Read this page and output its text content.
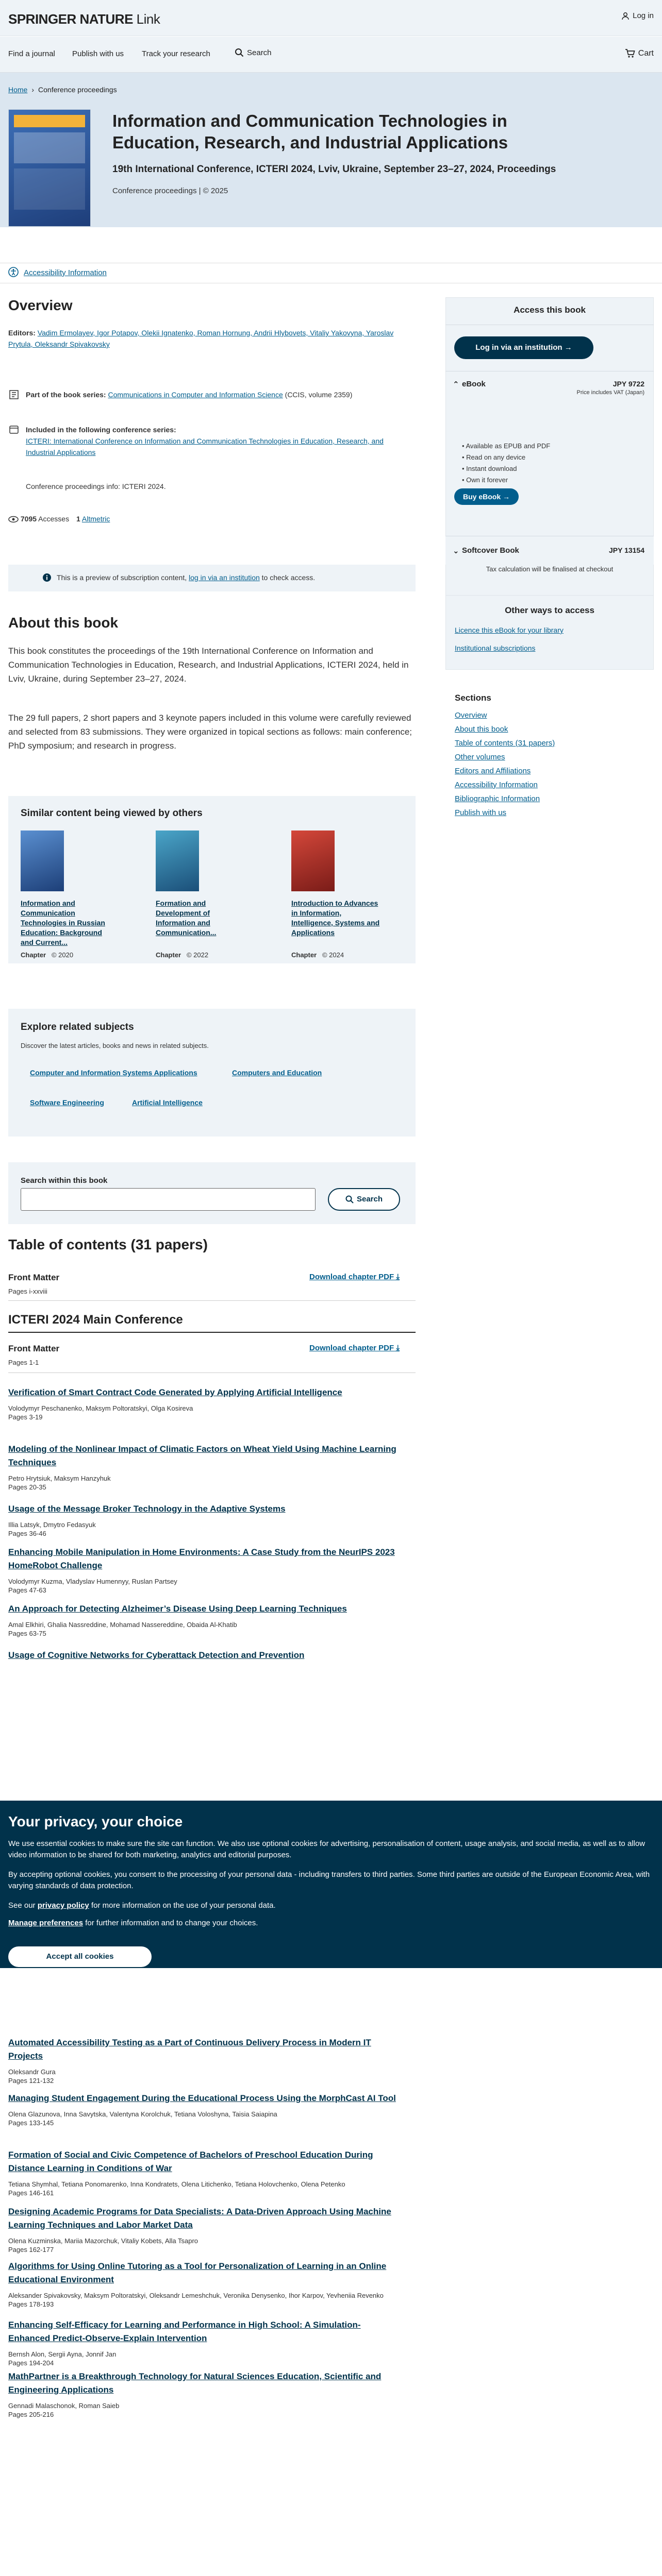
SPRINGER NATURE Link	Log in
Find a journal Publish with us Track your research	Search	Cart
Home › Conference proceedings
Information and Communication Technologies in Education, Research, and Industrial Applications
19th International Conference, ICTERI 2024, Lviv, Ukraine, September 23–27, 2024, Proceedings
Conference proceedings | © 2025
Accessibility Information
Overview
Editors: Vadim Ermolayev, Igor Potapov, Olekii Ignatenko, Roman Hornung, Andrii Hlybovets, Vitaliy Yakovyna, Yaroslav Prytula, Oleksandr Spivakovsky
Part of the book series: Communications in Computer and Information Science (CCIS, volume 2359)
Included in the following conference series:
ICTERI: International Conference on Information and Communication Technologies in Education, Research, and Industrial Applications
Conference proceedings info: ICTERI 2024.
7095 Accesses 1 Altmetric
This is a preview of subscription content, log in via an institution to check access.
About this book
This book constitutes the proceedings of the 19th International Conference on Information and Communication Technologies in Education, Research, and Industrial Applications, ICTERI 2024, held in Lviv, Ukraine, during September 23–27, 2024.
The 29 full papers, 2 short papers and 3 keynote papers included in this volume were carefully reviewed and selected from 83 submissions. They were organized in topical sections as follows: main conference; PhD symposium; and research in progress.
Similar content being viewed by others
Information and Communication Technologies in Russian Education: Background and Current...
Formation and Development of Information and Communication...
Introduction to Advances in Information, Intelligence, Systems and Applications
Chapter © 2020	Chapter © 2022	Chapter © 2024
Explore related subjects
Discover the latest articles, books and news in related subjects.
Computer and Information Systems Applications	Computers and Education
Software Engineering	Artificial Intelligence
Search within this book
Search
Table of contents (31 papers)
Front Matter	Download chapter PDF ⤓
Pages i-xxviii
ICTERI 2024 Main Conference
Front Matter	Download chapter PDF ⤓
Pages 1-1
Verification of Smart Contract Code Generated by Applying Artificial Intelligence
Volodymyr Peschanenko, Maksym Poltoratskyi, Olga Kosireva
Pages 3-19
Modeling of the Nonlinear Impact of Climatic Factors on Wheat Yield Using Machine Learning Techniques
Petro Hrytsiuk, Maksym Hanzyhuk
Pages 20-35
Usage of the Message Broker Technology in the Adaptive Systems
Illia Latsyk, Dmytro Fedasyuk
Pages 36-46
Enhancing Mobile Manipulation in Home Environments: A Case Study from the NeurIPS 2023 HomeRobot Challenge
Volodymyr Kuzma, Vladyslav Humennyy, Ruslan Partsey
Pages 47-63
An Approach for Detecting Alzheimer’s Disease Using Deep Learning Techniques
Amal Elkhiri, Ghalia Nassreddine, Mohamad Nassereddine, Obaida Al-Khatib
Pages 63-75
Usage of Cognitive Networks for Cyberattack Detection and Prevention
Automated Accessibility Testing as a Part of Continuous Delivery Process in Modern IT Projects
Oleksandr Gura
Pages 121-132
Managing Student Engagement During the Educational Process Using the MorphCast AI Tool
Olena Glazunova, Inna Savytska, Valentyna Korolchuk, Tetiana Voloshyna, Taisia Saiapina
Pages 133-145
Formation of Social and Civic Competence of Bachelors of Preschool Education During Distance Learning in Conditions of War
Tetiana Shymhal, Tetiana Ponomarenko, Inna Kondratets, Olena Litichenko, Tetiana Holovchenko, Olena Petenko
Pages 146-161
Designing Academic Programs for Data Specialists: A Data-Driven Approach Using Machine Learning Techniques and Labor Market Data
Olena Kuzminska, Mariia Mazorchuk, Vitaliy Kobets, Alla Tsapro
Pages 162-177
Algorithms for Using Online Tutoring as a Tool for Personalization of Learning in an Online Educational Environment
Aleksander Spivakovsky, Maksym Poltoratskyi, Oleksandr Lemeshchuk, Veronika Denysenko, Ihor Karpov, Yevheniia Revenko
Pages 178-193
Enhancing Self-Efficacy for Learning and Performance in High School: A Simulation-Enhanced Predict-Observe-Explain Intervention
Bernsh Alon, Sergii Ayna, Jonnif Jan
Pages 194-204
MathPartner is a Breakthrough Technology for Natural Sciences Education, Scientific and Engineering Applications
Gennadi Malaschonok, Roman Saieb
Pages 205-216
Access this book
Log in via an institution →
⌃ eBook	JPY 9722
Price includes VAT (Japan)
• Available as EPUB and PDF
• Read on any device
• Instant download
• Own it forever
Buy eBook →
⌄ Softcover Book	JPY 13154
Tax calculation will be finalised at checkout
Other ways to access
Licence this eBook for your library
Institutional subscriptions
Sections
Overview
About this book
Table of contents (31 papers)
Other volumes
Editors and Affiliations
Accessibility Information
Bibliographic Information
Publish with us
Your privacy, your choice
We use essential cookies to make sure the site can function. We also use optional cookies for advertising, personalisation of content, usage analysis, and social media, as well as to allow video information to be shared for both marketing, analytics and editorial purposes.
By accepting optional cookies, you consent to the processing of your personal data - including transfers to third parties. Some third parties are outside of the European Economic Area, with varying standards of data protection.
See our privacy policy for more information on the use of your personal data.
Manage preferences for further information and to change your choices.
Accept all cookies
